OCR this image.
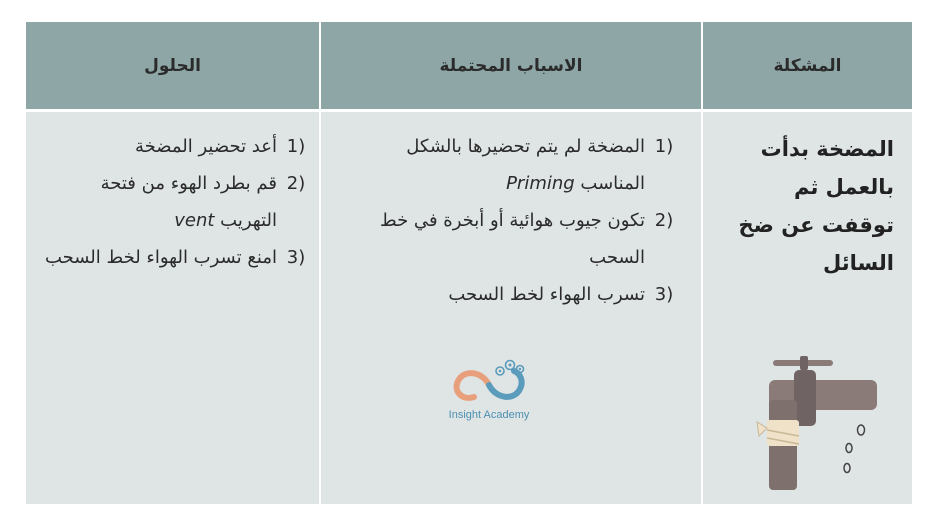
الحلول	الاسباب المحتملة	المشكلة
1)
أعد تحضير المضخة
2)
قم بطرد الهوء من فتحة التهريب vent
3)
امنع تسرب الهواء لخط السحب
1)
المضخة لم يتم تحضيرها بالشكل المناسب Priming
2)
تكون جيوب هوائية أو أبخرة في خط السحب
3)
تسرب الهواء لخط السحب
Insight Academy
المضخة بدأت بالعمل ثم توقفت عن ضخ السائل
